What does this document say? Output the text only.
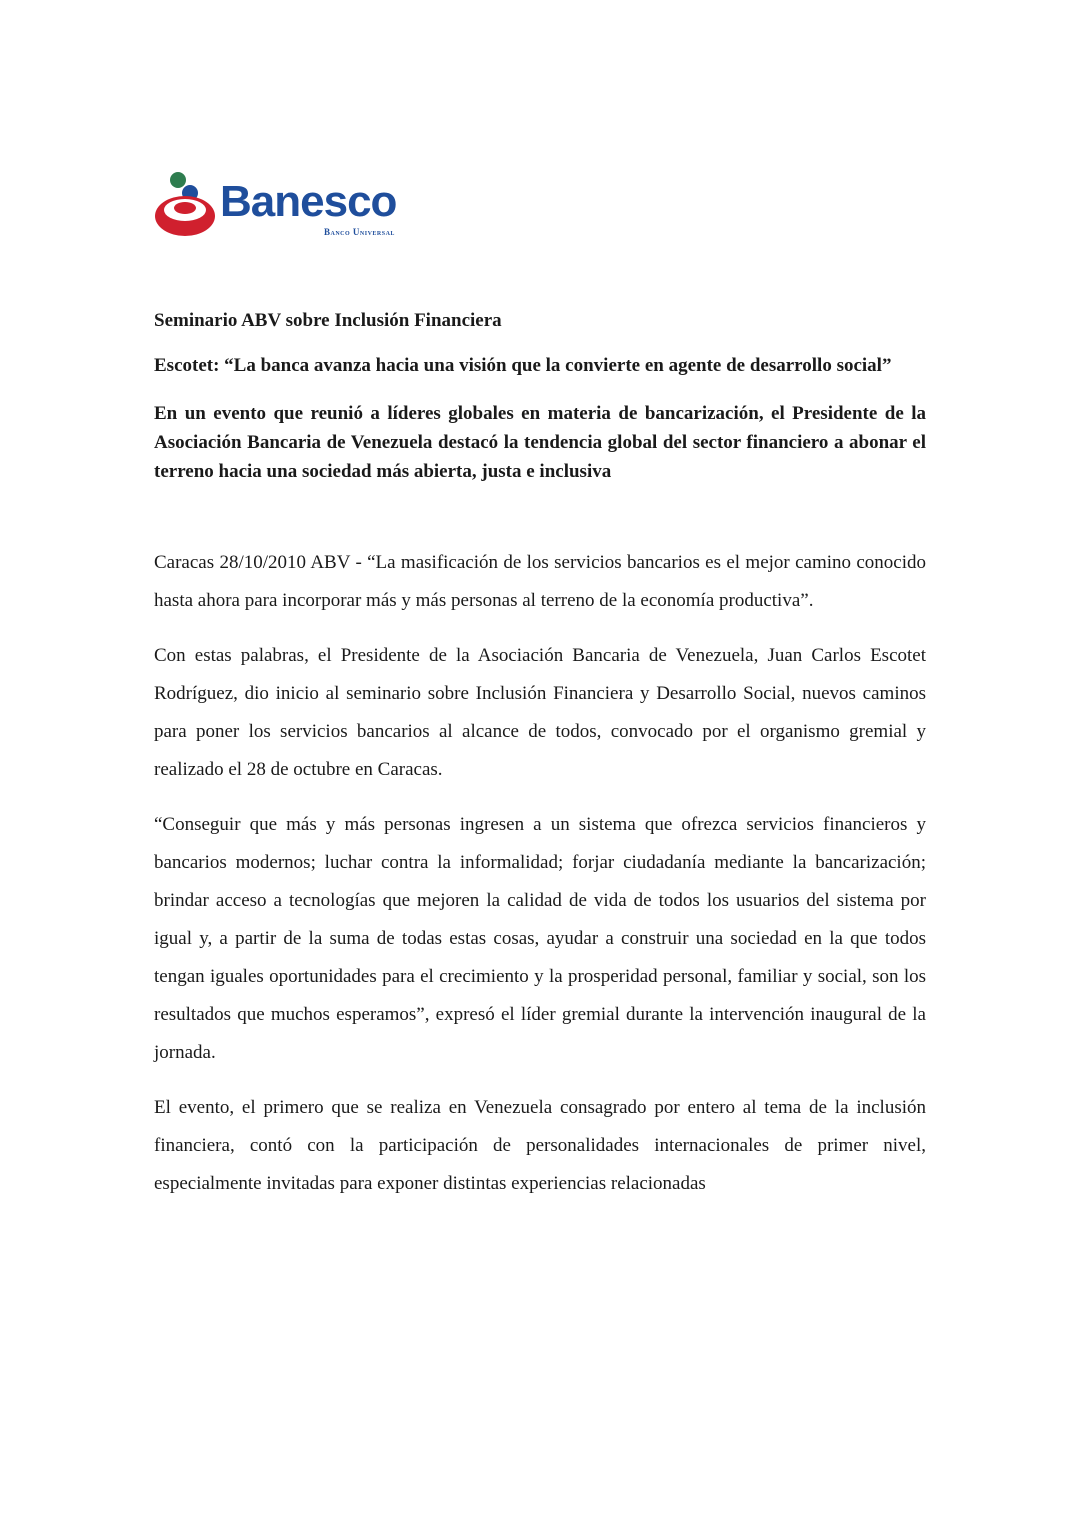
Banesco
Banco Universal

Seminario ABV sobre Inclusión Financiera

Escotet: “La banca avanza hacia una visión que la convierte en agente de desarrollo social”

En un evento que reunió a líderes globales en materia de bancarización, el Presidente de la Asociación Bancaria de Venezuela destacó la tendencia global del sector financiero a abonar el terreno hacia una sociedad más abierta, justa e inclusiva

Caracas 28/10/2010 ABV - “La masificación de los servicios bancarios es el mejor camino conocido hasta ahora para incorporar más y más personas al terreno de la economía productiva”.

Con estas palabras, el Presidente de la Asociación Bancaria de Venezuela, Juan Carlos Escotet Rodríguez, dio inicio al seminario sobre Inclusión Financiera y Desarrollo Social, nuevos caminos para poner los servicios bancarios al alcance de todos, convocado por el organismo gremial y realizado el 28 de octubre en Caracas.

“Conseguir que más y más personas ingresen a un sistema que ofrezca servicios financieros y bancarios modernos; luchar contra la informalidad; forjar ciudadanía mediante la bancarización; brindar acceso a tecnologías que mejoren la calidad de vida de todos los usuarios del sistema por igual y, a partir de la suma de todas estas cosas, ayudar a construir una sociedad en la que todos tengan iguales oportunidades para el crecimiento y la prosperidad personal, familiar y social, son los resultados que muchos esperamos”, expresó el líder gremial durante la intervención inaugural de la jornada.

El evento, el primero que se realiza en Venezuela consagrado por entero al tema de la inclusión financiera, contó con la participación de personalidades internacionales de primer nivel, especialmente invitadas para exponer distintas experiencias relacionadas
